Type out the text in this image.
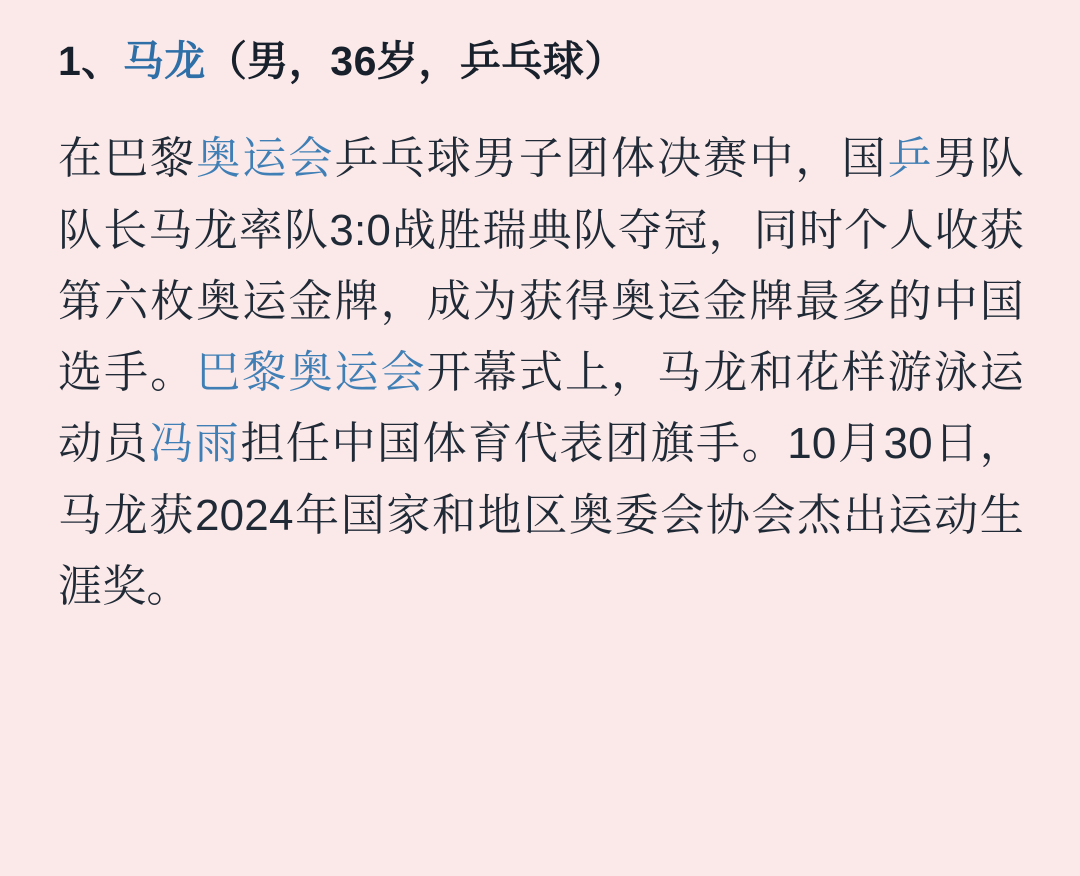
1、马龙（男，36岁，乒乓球）

在巴黎奥运会乒乓球男子团体决赛中，国乒男队队长马龙率队3:0战胜瑞典队夺冠，同时个人收获第六枚奥运金牌，成为获得奥运金牌最多的中国选手。巴黎奥运会开幕式上，马龙和花样游泳运动员冯雨担任中国体育代表团旗手。10月30日，马龙获2024年国家和地区奥委会协会杰出运动生涯奖。
